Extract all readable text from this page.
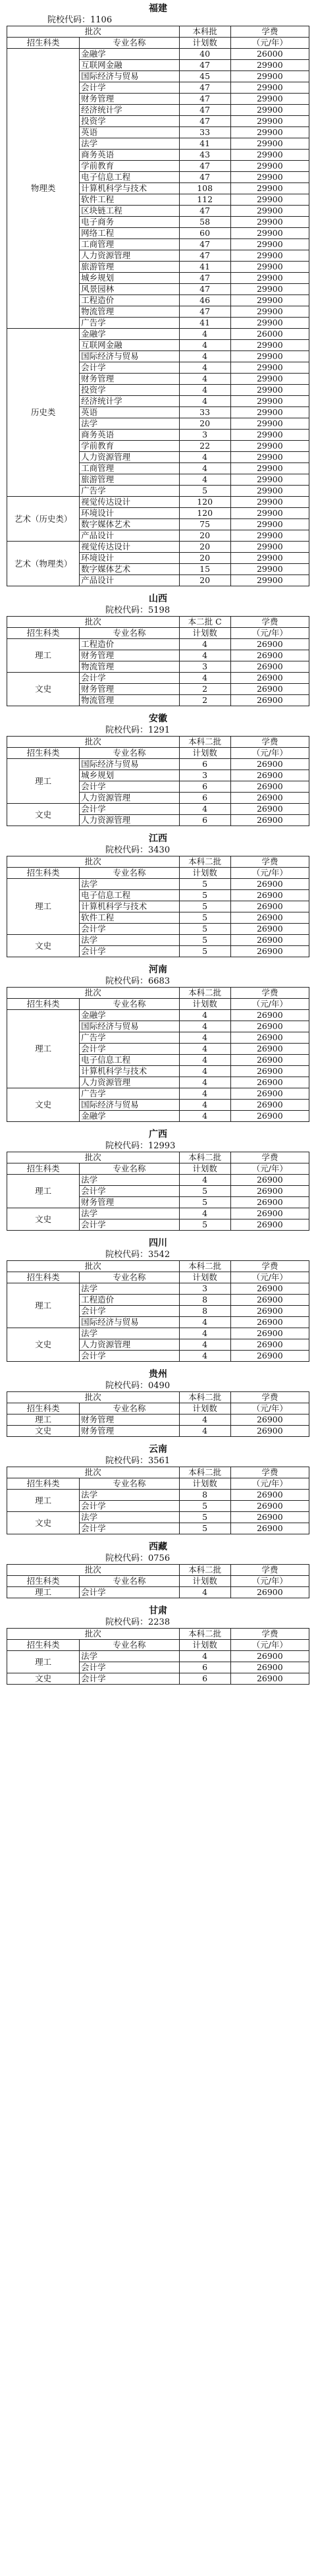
福建
院校代码：1106
批次		本科批	学费
招生科类	专业名称	计划数	（元/年）
物理类	金融学	40	26000
	互联网金融	47	29900
	国际经济与贸易	45	29900
	会计学	47	29900
	财务管理	47	29900
	经济统计学	47	29900
	投资学	47	29900
	英语	33	29900
	法学	41	29900
	商务英语	43	29900
	学前教育	47	29900
	电子信息工程	47	29900
	计算机科学与技术	108	29900
	软件工程	112	29900
	区块链工程	47	29900
	电子商务	58	29900
	网络工程	60	29900
	工商管理	47	29900
	人力资源管理	47	29900
	旅游管理	41	29900
	城乡规划	47	29900
	风景园林	47	29900
	工程造价	46	29900
	物流管理	47	29900
	广告学	41	29900
历史类	金融学	4	26000
	互联网金融	4	29900
	国际经济与贸易	4	29900
	会计学	4	29900
	财务管理	4	29900
	投资学	4	29900
	经济统计学	4	29900
	英语	33	29900
	法学	20	29900
	商务英语	3	29900
	学前教育	22	29900
	人力资源管理	4	29900
	工商管理	4	29900
	旅游管理	4	29900
	广告学	5	29900
艺术（历史类）	视觉传达设计	120	29900
	环境设计	120	29900
	数字媒体艺术	75	29900
	产品设计	20	29900
艺术（物理类）	视觉传达设计	20	29900
	环境设计	20	29900
	数字媒体艺术	15	29900
	产品设计	20	29900
山西
院校代码：5198
批次		本二批 C	学费
招生科类	专业名称	计划数	（元/年）
理工	工程造价	4	26900
	财务管理	4	26900
	物流管理	3	26900
文史	会计学	4	26900
	财务管理	2	26900
	物流管理	2	26900
安徽
院校代码：1291
批次		本科二批	学费
招生科类	专业名称	计划数	（元/年）
理工	国际经济与贸易	6	26900
	城乡规划	3	26900
	会计学	6	26900
	人力资源管理	6	26900
文史	会计学	4	26900
	人力资源管理	6	26900
江西
院校代码：3430
批次		本科二批	学费
招生科类	专业名称	计划数	（元/年）
理工	法学	5	26900
	电子信息工程	5	26900
	计算机科学与技术	5	26900
	软件工程	5	26900
	会计学	5	26900
文史	法学	5	26900
	会计学	5	26900
河南
院校代码：6683
批次		本科二批	学费
招生科类	专业名称	计划数	（元/年）
理工	金融学	4	26900
	国际经济与贸易	4	26900
	广告学	4	26900
	会计学	4	26900
	电子信息工程	4	26900
	计算机科学与技术	4	26900
	人力资源管理	4	26900
文史	广告学	4	26900
	国际经济与贸易	4	26900
	金融学	4	26900
广西
院校代码：12993
批次		本科二批	学费
招生科类	专业名称	计划数	（元/年）
理工	法学	4	26900
	会计学	5	26900
	财务管理	5	26900
文史	法学	4	26900
	会计学	5	26900
四川
院校代码：3542
批次		本科二批	学费
招生科类	专业名称	计划数	（元/年）
理工	法学	3	26900
	工程造价	8	26900
	会计学	8	26900
	国际经济与贸易	4	26900
文史	法学	4	26900
	人力资源管理	4	26900
	会计学	4	26900
贵州
院校代码：0490
批次		本科二批	学费
招生科类	专业名称	计划数	（元/年）
理工	财务管理	4	26900
文史	财务管理	4	26900
云南
院校代码：3561
批次		本科二批	学费
招生科类	专业名称	计划数	（元/年）
理工	法学	8	26900
	会计学	5	26900
文史	法学	5	26900
	会计学	5	26900
西藏
院校代码：0756
批次		本科二批	学费
招生科类	专业名称	计划数	（元/年）
理工	会计学	4	26900
甘肃
院校代码：2238
批次		本科二批	学费
招生科类	专业名称	计划数	（元/年）
理工	法学	4	26900
	会计学	6	26900
文史	会计学	6	26900
